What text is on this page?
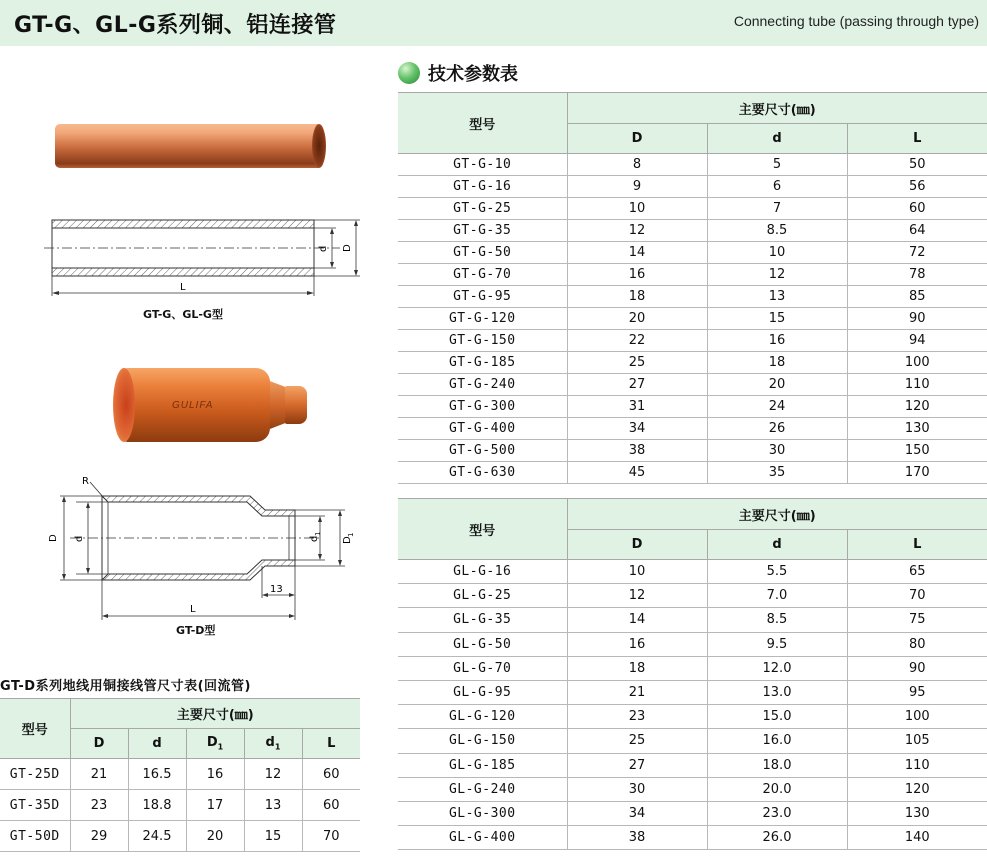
GT-G、GL-G系列铜、铝连接管	Connecting tube (passing through type)
技术参数表
L
d D
GT-G、GL-G型
GULIFA
R
D d	d
1
D
1
13
L
GT-D型
型号	主要尺寸(㎜)		
	D	d	L
GT-G-10	8	5	50
GT-G-16	9	6	56
GT-G-25	10	7	60
GT-G-35	12	8.5	64
GT-G-50	14	10	72
GT-G-70	16	12	78
GT-G-95	18	13	85
GT-G-120	20	15	90
GT-G-150	22	16	94
GT-G-185	25	18	100
GT-G-240	27	20	110
GT-G-300	31	24	120
GT-G-400	34	26	130
GT-G-500	38	30	150
GT-G-630	45	35	170
型号	主要尺寸(㎜)		
	D	d	L
GL-G-16	10	5.5	65
GL-G-25	12	7.0	70
GL-G-35	14	8.5	75
GL-G-50	16	9.5	80
GL-G-70	18	12.0	90
GL-G-95	21	13.0	95
GL-G-120	23	15.0	100
GL-G-150	25	16.0	105
GL-G-185	27	18.0	110
GL-G-240	30	20.0	120
GL-G-300	34	23.0	130
GL-G-400	38	26.0	140
GT-D系列地线用铜接线管尺寸表(回流管)
型号	主要尺寸(㎜)				
	D	d	$D_1$	$d_1$	L
GT-25D	21	16.5	16	12	60
GT-35D	23	18.8	17	13	60
GT-50D	29	24.5	20	15	70
